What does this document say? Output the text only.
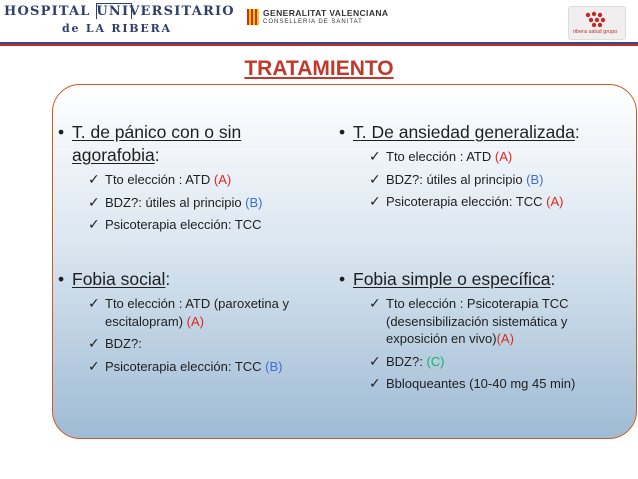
HOSPITAL UNIVERSITARIO
de LA RIBERA
GENERALITAT VALENCIANA
CONSELLERIA DE SANITAT
ribera salud grupo
TRATAMIENTO
• T. de pánico con o sin agorafobia:
✓ Tto elección : ATD (A)
✓ BDZ?: útiles al principio (B)
✓ Psicoterapia elección: TCC
• T. De ansiedad generalizada:
✓ Tto elección : ATD (A)
✓ BDZ?: útiles al principio (B)
✓ Psicoterapia elección: TCC (A)
• Fobia social:
✓ Tto elección : ATD (paroxetina y escitalopram) (A)
✓ BDZ?:
✓ Psicoterapia elección: TCC (B)
• Fobia simple o específica:
✓ Tto elección : Psicoterapia TCC (desensibilización sistemática y exposición en vivo)(A)
✓ BDZ?: (C)
✓ Bbloqueantes (10-40 mg 45 min)
